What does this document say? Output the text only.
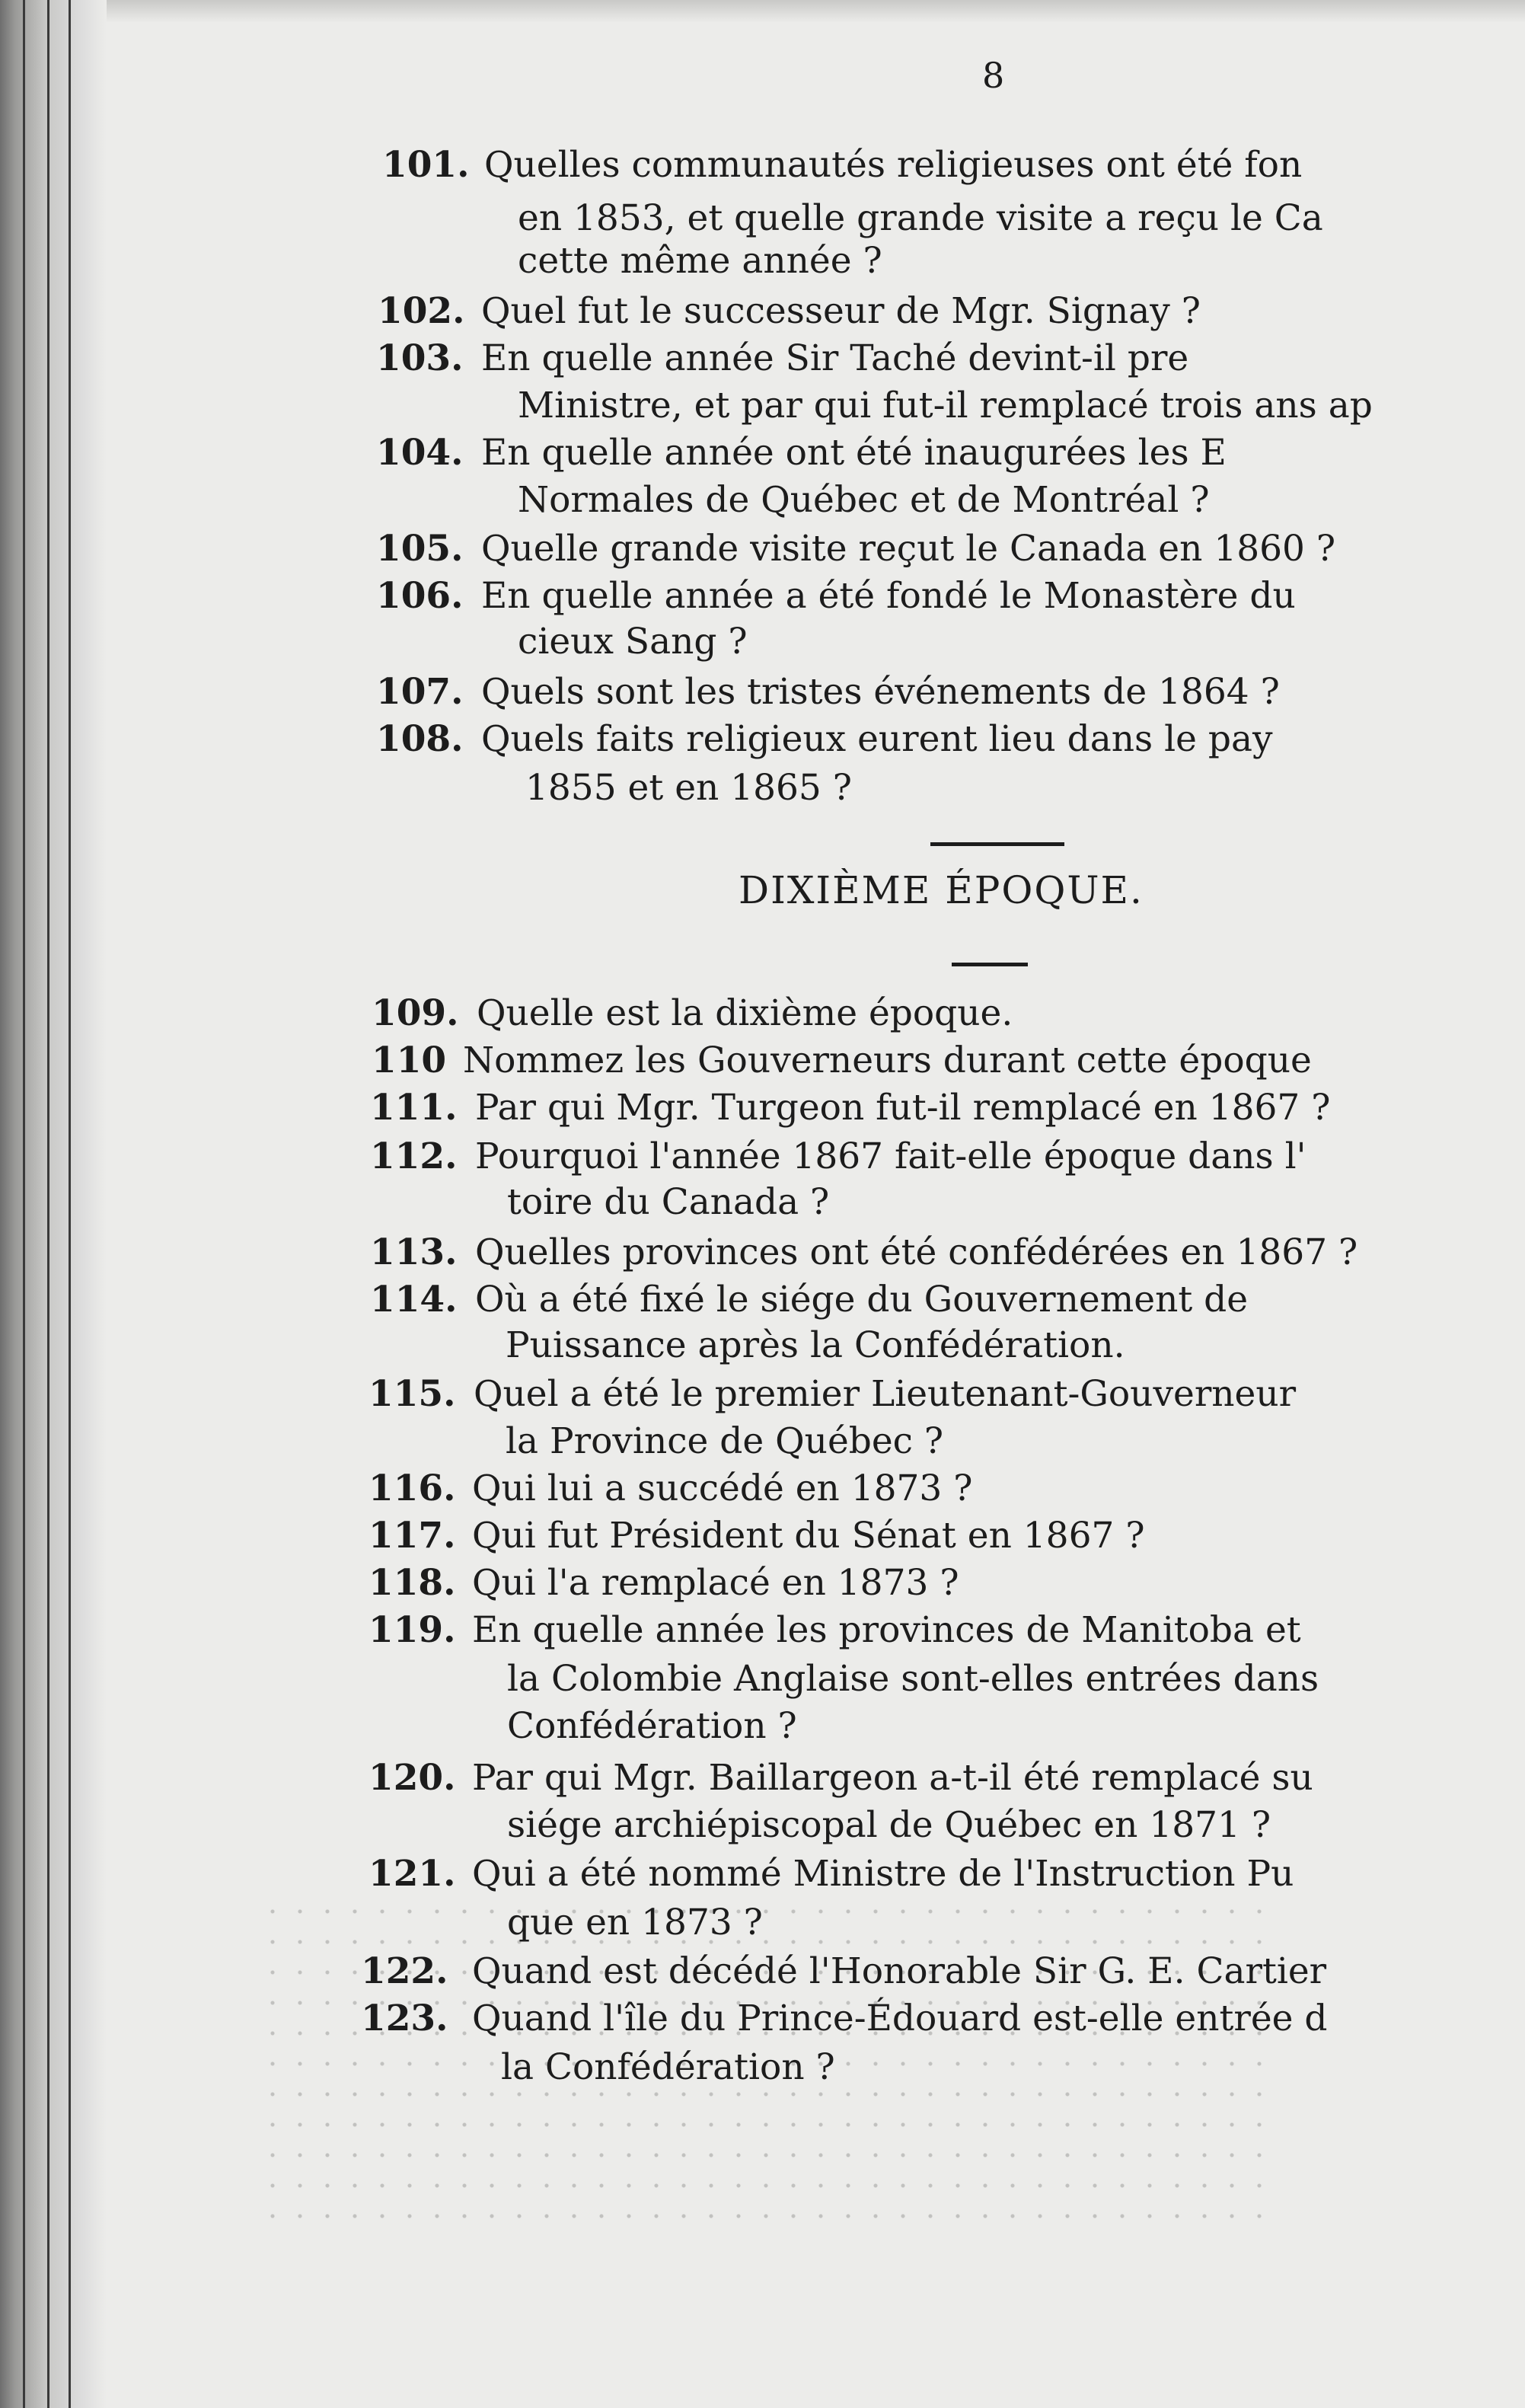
8
101. Quelles communautés religieuses ont été fon
en 1853, et quelle grande visite a reçu le Ca
cette même année ?
102. Quel fut le successeur de Mgr. Signay ?
103. En quelle année Sir Taché devint-il pre
Ministre, et par qui fut-il remplacé trois ans ap
104. En quelle année ont été inaugurées les E
Normales de Québec et de Montréal ?
105. Quelle grande visite reçut le Canada en 1860 ?
106. En quelle année a été fondé le Monastère du
cieux Sang ?
107. Quels sont les tristes événements de 1864 ?
108. Quels faits religieux eurent lieu dans le pay
1855 et en 1865 ?
DIXIÈME ÉPOQUE.
109. Quelle est la dixième époque.
110 Nommez les Gouverneurs durant cette époque
111. Par qui Mgr. Turgeon fut-il remplacé en 1867 ?
112. Pourquoi l'année 1867 fait-elle époque dans l'
toire du Canada ?
113. Quelles provinces ont été confédérées en 1867 ?
114. Où a été fixé le siége du Gouvernement de
Puissance après la Confédération.
115. Quel a été le premier Lieutenant-Gouverneur
la Province de Québec ?
116. Qui lui a succédé en 1873 ?
117. Qui fut Président du Sénat en 1867 ?
118. Qui l'a remplacé en 1873 ?
119. En quelle année les provinces de Manitoba et
la Colombie Anglaise sont-elles entrées dans
Confédération ?
120. Par qui Mgr. Baillargeon a-t-il été remplacé su
siége archiépiscopal de Québec en 1871 ?
121. Qui a été nommé Ministre de l'Instruction Pu
que en 1873 ?
122. Quand est décédé l'Honorable Sir G. E. Cartier
123. Quand l'île du Prince-Édouard est-elle entrée d
la Confédération ?
